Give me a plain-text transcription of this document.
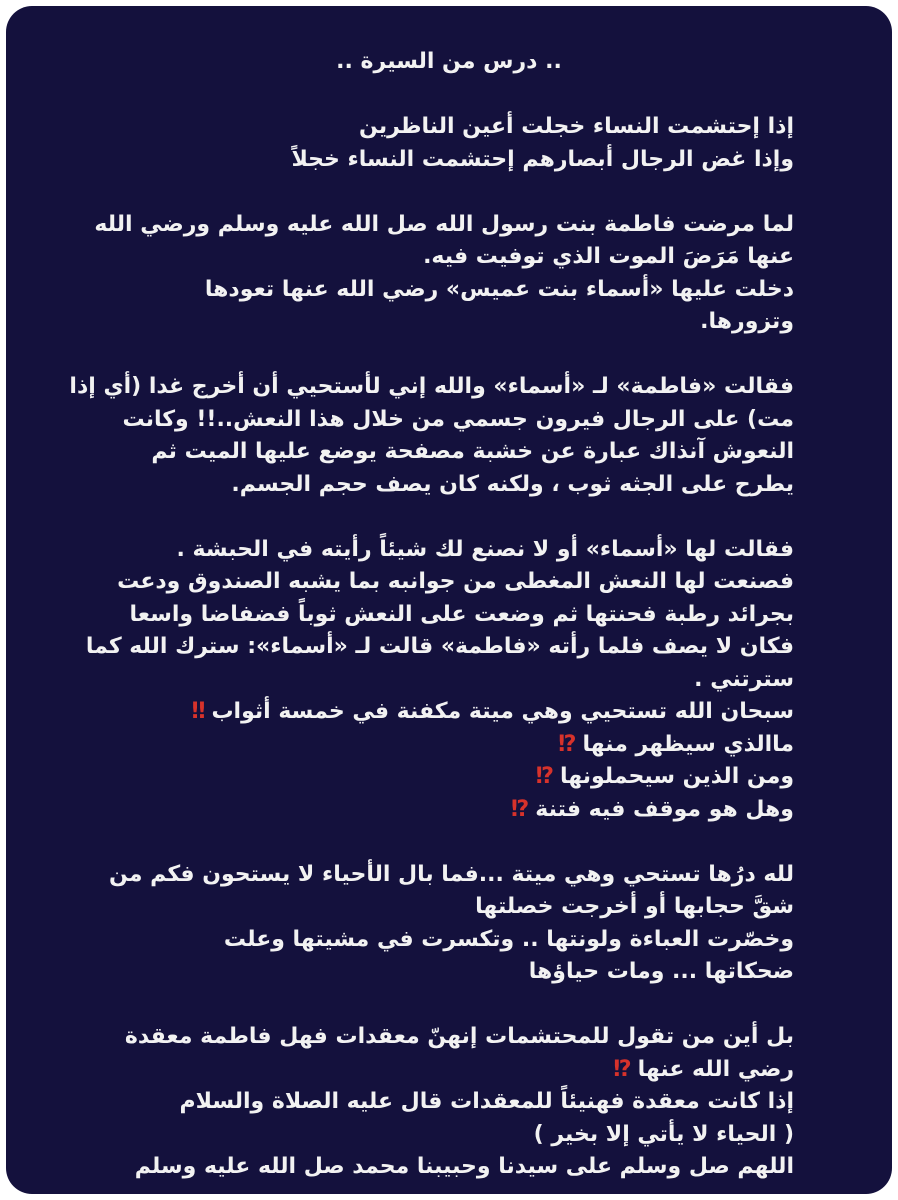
.. درس من السيرة ..
إذا إحتشمت النساء خجلت أعين الناظرين
وإذا غض الرجال أبصارهم إحتشمت النساء خجلاً
لما مرضت فاطمة بنت رسول الله صل الله عليه وسلم ورضي الله
عنها مَرَضَ الموت الذي توفيت فيه.
دخلت عليها «أسماء بنت عميس» رضي الله عنها تعودها
وتزورها.
فقالت «فاطمة» لـ «أسماء» والله إني لأستحيي أن أخرج غدا (أي إذا
مت) على الرجال فيرون جسمي من خلال هذا النعش..!! وكانت
النعوش آنذاك عبارة عن خشبة مصفحة يوضع عليها الميت ثم
يطرح على الجثه ثوب ، ولكنه كان يصف حجم الجسم.
فقالت لها «أسماء» أو لا نصنع لك شيئاً رأيته في الحبشة .
فصنعت لها النعش المغطى من جوانبه بما يشبه الصندوق ودعت
بجرائد رطبة فحنتها ثم وضعت على النعش ثوباً فضفاضا واسعا
فكان لا يصف فلما رأته «فاطمة» قالت لـ «أسماء»: سترك الله كما
سترتني .
سبحان الله تستحيي وهي ميتة مكفنة في خمسة أثواب‼
ماالذي سيظهر منها⁉
ومن الذين سيحملونها⁉
وهل هو موقف فيه فتنة⁉
لله درُها تستحي وهي ميتة ...فما بال الأحياء لا يستحون فكم من
شقَّ حجابها أو أخرجت خصلتها
وخصّرت العباءة ولونتها .. وتكسرت في مشيتها وعلت
ضحكاتها ... ومات حياؤها
بل أين من تقول للمحتشمات إنهنّ معقدات فهل فاطمة معقدة
رضي الله عنها⁉
إذا كانت معقدة فهنيئاً للمعقدات قال عليه الصلاة والسلام
( الحياء لا يأتي إلا بخير )
اللهم صل وسلم على سيدنا وحبيبنا محمد صل الله عليه وسلم
